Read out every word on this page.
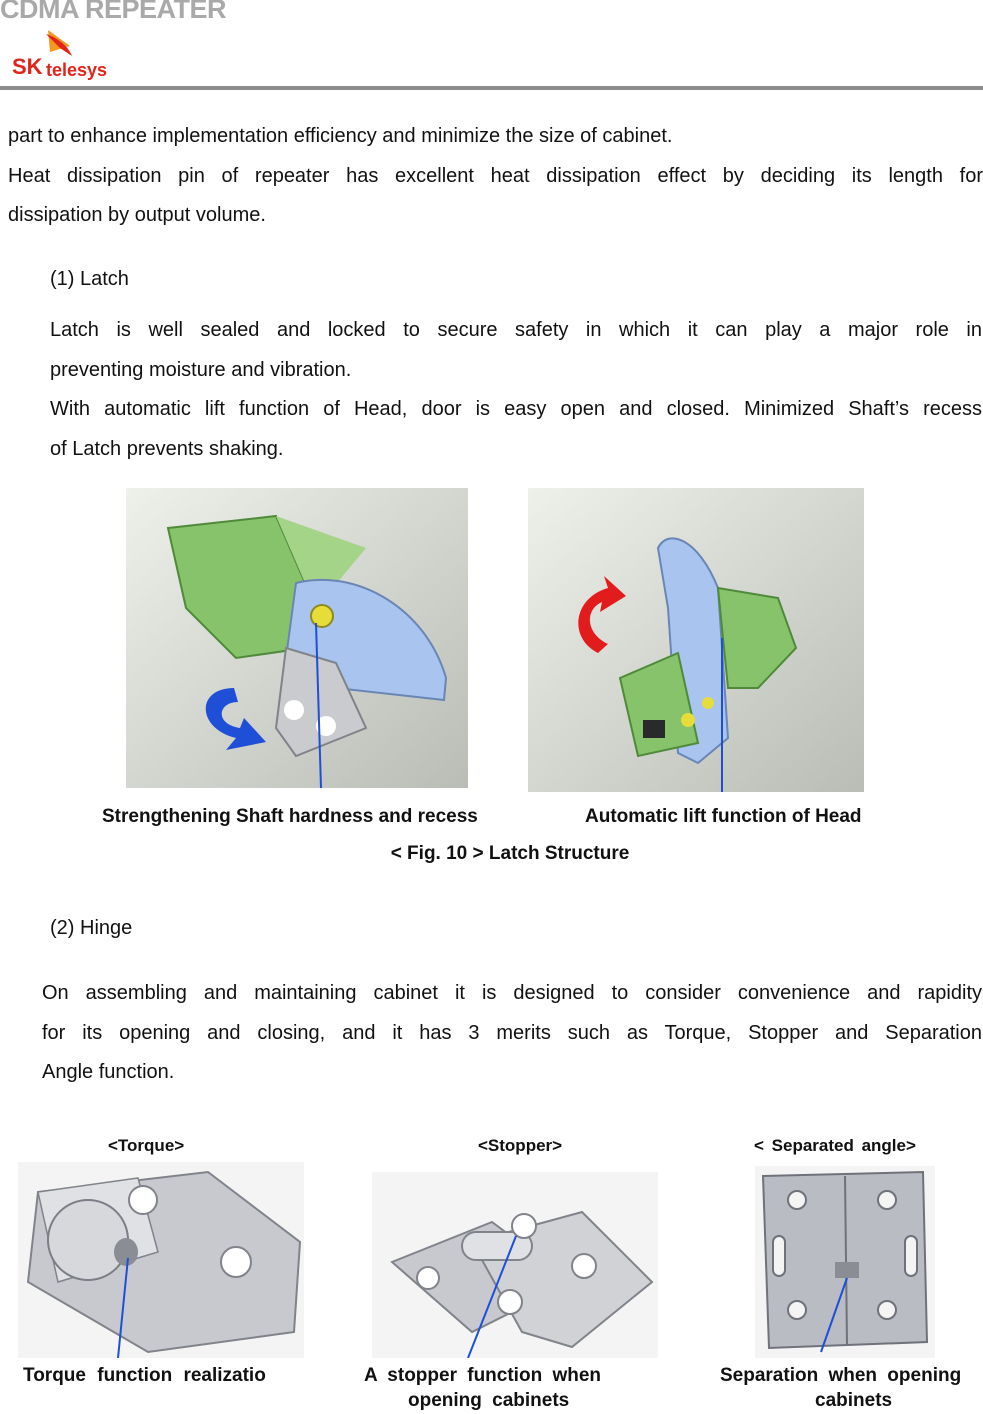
CDMA REPEATER
SK telesys
part to enhance implementation efficiency and minimize the size of cabinet.
Heat dissipation pin of repeater has excellent heat dissipation effect by deciding its length for
dissipation by output volume.
(1) Latch
Latch is well sealed and locked to secure safety in which it can play a major role in
preventing moisture and vibration.
With automatic lift function of Head, door is easy open and closed. Minimized Shaft’s recess
of Latch prevents shaking.
Strengthening Shaft hardness and recess	Automatic lift function of Head
< Fig. 10 > Latch Structure
(2) Hinge
On assembling and maintaining cabinet it is designed to consider convenience and rapidity
for its opening and closing, and it has 3 merits such as Torque, Stopper and Separation
Angle function.
<Torque>	<Stopper>	< Separated angle>
Torque function realizatio	A stopper function when
opening cabinets
Separation when opening
cabinets
